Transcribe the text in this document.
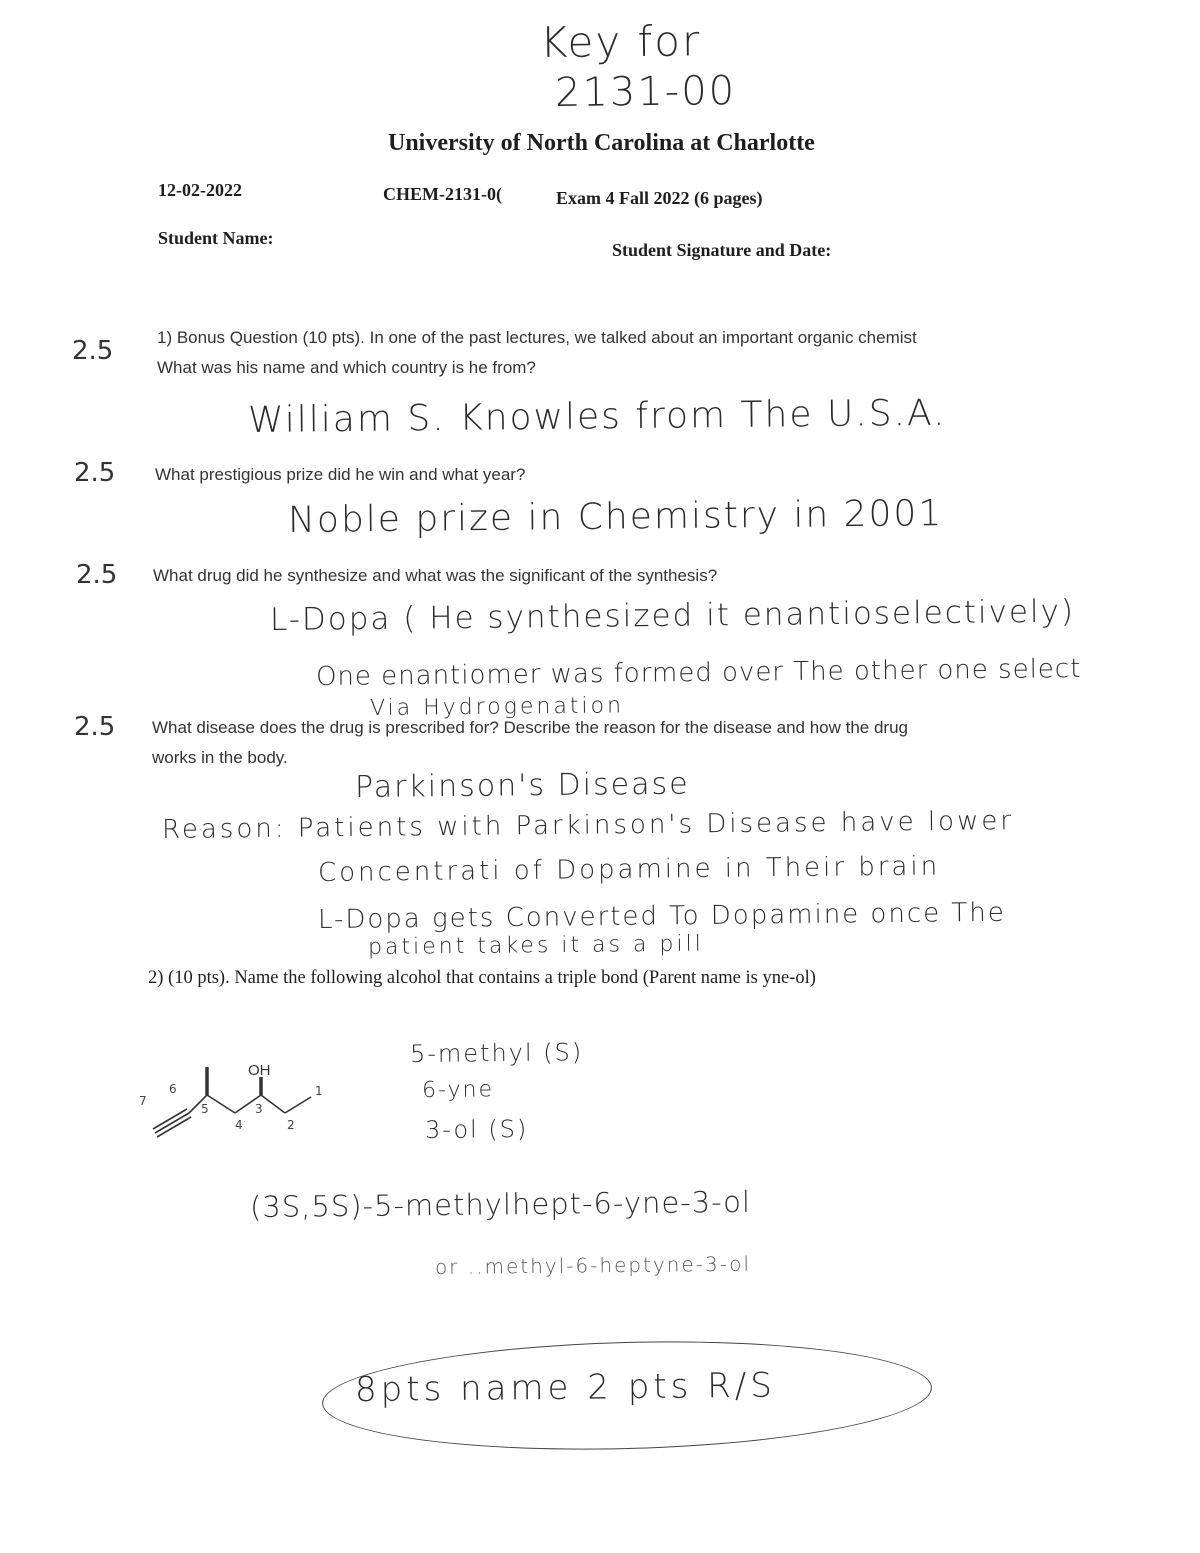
Key for
2131-00
University of North Carolina at Charlotte
12-02-2022	CHEM-2131-0(	Exam 4 Fall 2022 (6 pages)
Student Name:
Student Signature and Date:
2.5	1) Bonus Question (10 pts). In one of the past lectures, we talked about an important organic chemist
What was his name and which country is he from?
William S. Knowles from The U.S.A.
2.5 What prestigious prize did he win and what year?
Noble prize in Chemistry in 2001
2.5 What drug did he synthesize and what was the significant of the synthesis?
L-Dopa ( He synthesized it enantioselectively)
One enantiomer was formed over The other one select
Via Hydrogenation
2.5 What disease does the drug is prescribed for? Describe the reason for the disease and how the drug
works in the body.
Parkinson's Disease
Reason: Patients with Parkinson's Disease have lower
Concentrati of Dopamine in Their brain
L-Dopa gets Converted To Dopamine once The
patient takes it as a pill
2) (10 pts). Name the following alcohol that contains a triple bond (Parent name is yne-ol)
OH
7
6
5
4
3
2
1
5-methyl (S)
6-yne
3-ol (S)
(3S,5S)-5-methylhept-6-yne-3-ol
or ..methyl-6-heptyne-3-ol
8pts name 2 pts R/S
